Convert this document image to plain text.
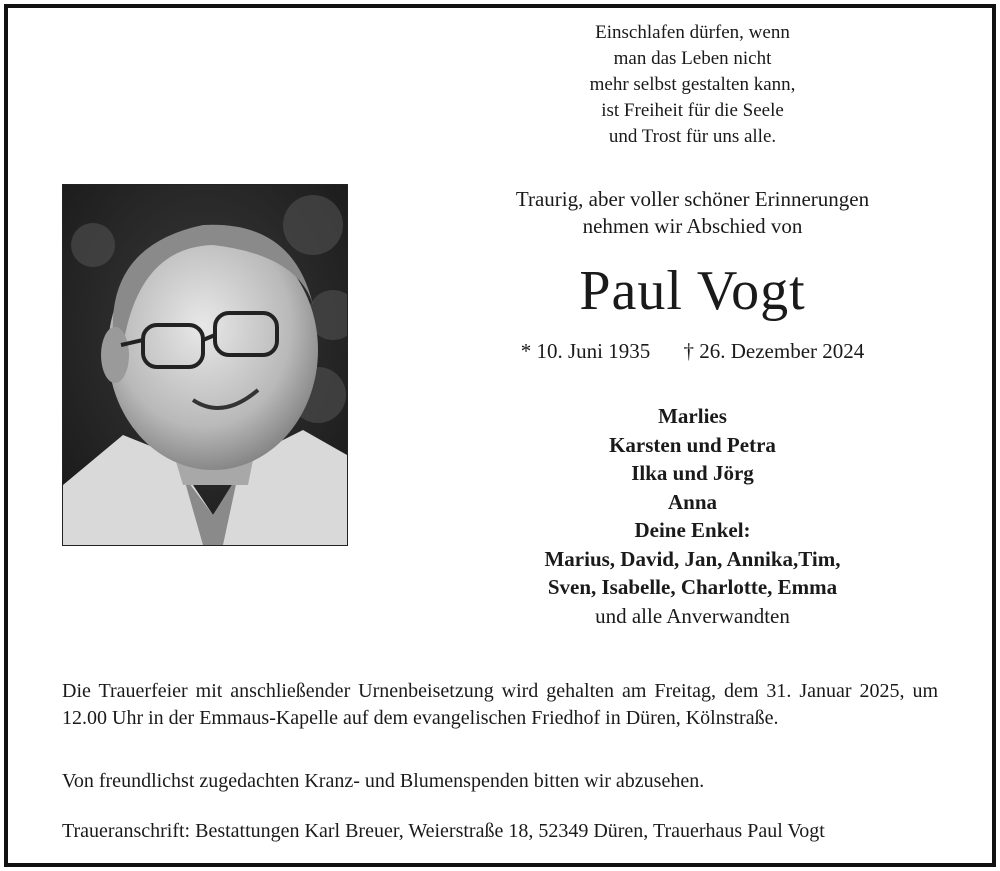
Einschlafen dürfen, wenn
man das Leben nicht
mehr selbst gestalten kann,
ist Freiheit für die Seele
und Trost für uns alle.
Traurig, aber voller schöner Erinnerungen
nehmen wir Abschied von
Paul Vogt
* 10. Juni 1935 † 26. Dezember 2024
Marlies
Karsten und Petra
Ilka und Jörg
Anna
Deine Enkel:
Marius, David, Jan, Annika,Tim,
Sven, Isabelle, Charlotte, Emma
und alle Anverwandten

Die Trauerfeier mit anschließender Urnenbeisetzung wird gehalten am Freitag, dem 31. Januar 2025, um 12.00 Uhr in der Emmaus-Kapelle auf dem evangelischen Friedhof in Düren, Kölnstraße.

Von freundlichst zugedachten Kranz- und Blumenspenden bitten wir abzusehen.
Traueranschrift: Bestattungen Karl Breuer, Weierstraße 18, 52349 Düren, Trauerhaus Paul Vogt
